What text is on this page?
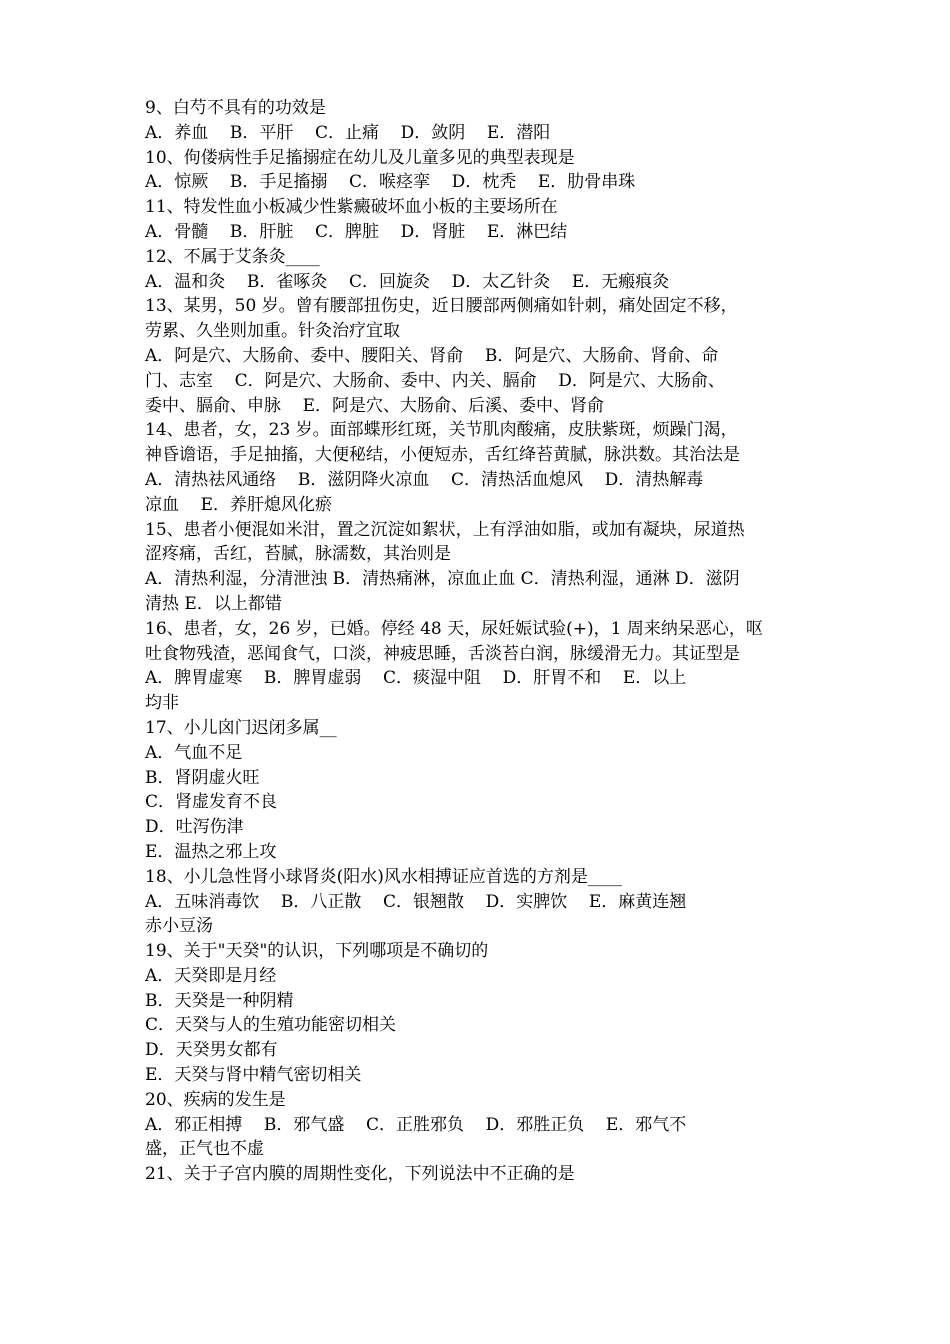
9、白芍不具有的功效是
A．养血    B．平肝    C．止痛    D．敛阴    E．潜阳
10、佝偻病性手足搐搦症在幼儿及儿童多见的典型表现是
A．惊厥    B．手足搐搦    C．喉痉挛    D．枕秃    E．肋骨串珠
11、特发性血小板减少性紫癜破坏血小板的主要场所在
A．骨髓    B．肝脏    C．脾脏    D．肾脏    E．淋巴结
12、不属于艾条灸____
A．温和灸    B．雀啄灸    C．回旋灸    D．太乙针灸    E．无瘢痕灸
13、某男，50 岁。曾有腰部扭伤史，近日腰部两侧痛如针刺，痛处固定不移，
劳累、久坐则加重。针灸治疗宜取
A．阿是穴、大肠俞、委中、腰阳关、肾俞    B．阿是穴、大肠俞、肾俞、命
门、志室    C．阿是穴、大肠俞、委中、内关、膈俞    D．阿是穴、大肠俞、
委中、膈俞、申脉    E．阿是穴、大肠俞、后溪、委中、肾俞
14、患者，女，23 岁。面部蝶形红斑，关节肌肉酸痛，皮肤紫斑，烦躁门渴，
神昏谵语，手足抽搐，大便秘结，小便短赤，舌红绛苔黄腻，脉洪数。其治法是
A．清热祛风通络    B．滋阴降火凉血    C．清热活血熄风    D．清热解毒
凉血    E．养肝熄风化瘀
15、患者小便混如米泔，置之沉淀如絮状，上有浮油如脂，或加有凝块，尿道热
涩疼痛，舌红，苔腻，脉濡数，其治则是
A．清热利湿，分清泄浊 B．清热痛淋，凉血止血 C．清热利湿，通淋 D．滋阴
清热 E．以上都错
16、患者，女，26 岁，已婚。停经 48 天，尿妊娠试验(+)，1 周来纳呆恶心，呕
吐食物残渣，恶闻食气，口淡，神疲思睡，舌淡苔白润，脉缓滑无力。其证型是
A．脾胃虚寒    B．脾胃虚弱    C．痰湿中阻    D．肝胃不和    E．以上
均非
17、小儿囟门迟闭多属__
A．气血不足
B．肾阴虚火旺
C．肾虚发育不良
D．吐泻伤津
E．温热之邪上攻
18、小儿急性肾小球肾炎(阳水)风水相搏证应首选的方剂是____
A．五味消毒饮    B．八正散    C．银翘散    D．实脾饮    E．麻黄连翘
赤小豆汤
19、关于"天癸"的认识，下列哪项是不确切的
A．天癸即是月经
B．天癸是一种阴精
C．天癸与人的生殖功能密切相关
D．天癸男女都有
E．天癸与肾中精气密切相关
20、疾病的发生是
A．邪正相搏    B．邪气盛    C．正胜邪负    D．邪胜正负    E．邪气不
盛，正气也不虚
21、关于子宫内膜的周期性变化，下列说法中不正确的是
